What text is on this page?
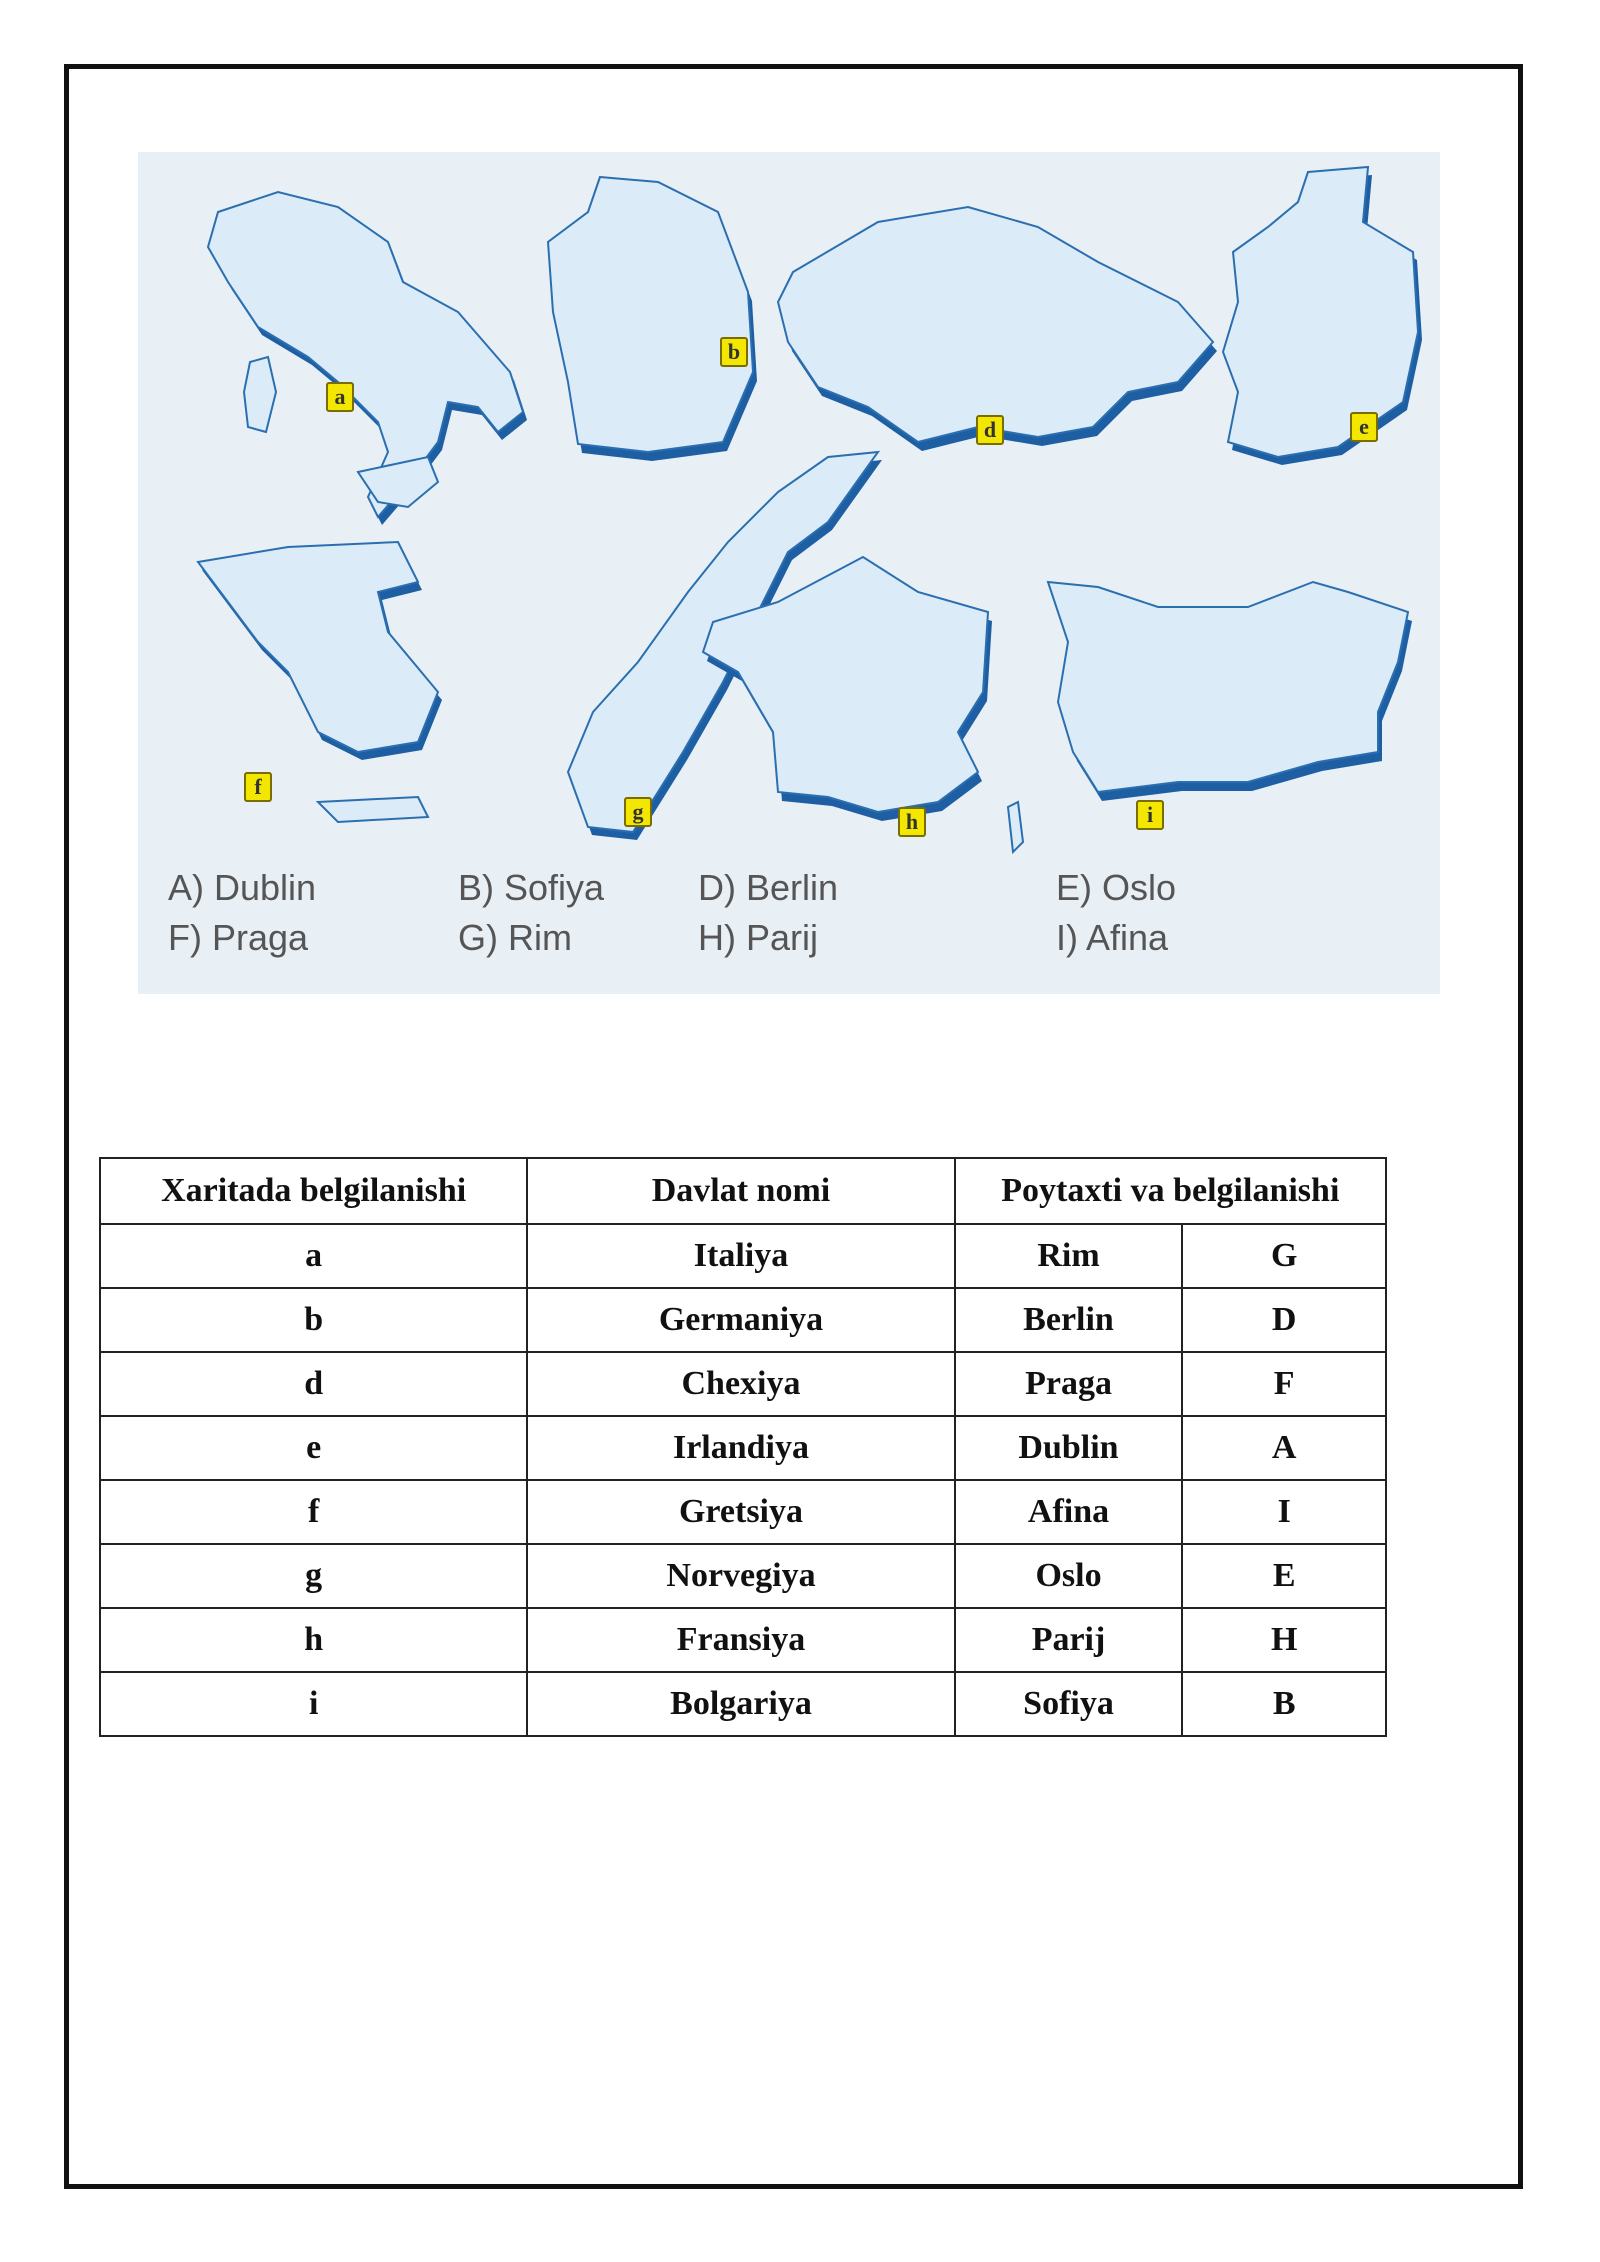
a
b
d	e
f
g	h	i
A) Dublin	B) Sofiya	D) Berlin	E) Oslo
F) Praga	G) Rim	H) Parij	I) Afina
Xaritada belgilanishi	Davlat nomi	Poytaxti va belgilanishi	
a	Italiya	Rim	G
b	Germaniya	Berlin	D
d	Chexiya	Praga	F
e	Irlandiya	Dublin	A
f	Gretsiya	Afina	I
g	Norvegiya	Oslo	E
h	Fransiya	Parij	H
i	Bolgariya	Sofiya	B
